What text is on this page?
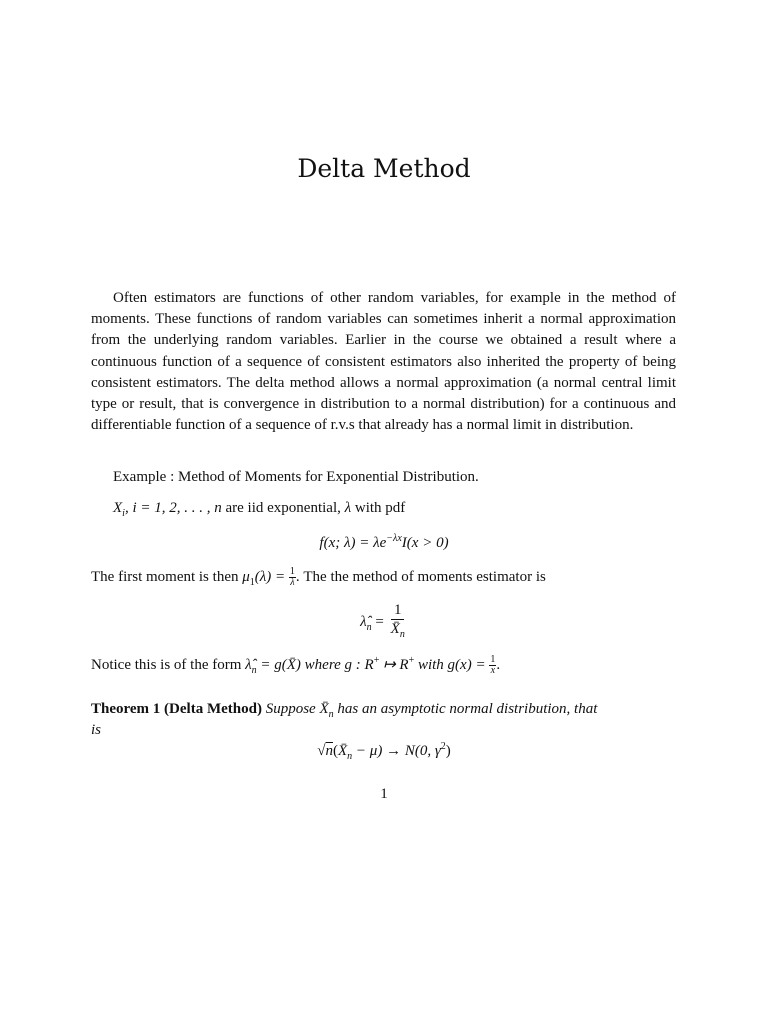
Delta Method
Often estimators are functions of other random variables, for example in the method of moments. These functions of random variables can sometimes inherit a normal approximation from the underlying random variables. Earlier in the course we obtained a result where a continuous function of a sequence of consistent estimators also inherited the property of being consistent estimators. The delta method allows a normal approximation (a normal central limit type or result, that is convergence in distribution to a normal distribution) for a continuous and differentiable function of a sequence of r.v.s that already has a normal limit in distribution.
Example : Method of Moments for Exponential Distribution.
$X_i$, i = 1, 2, . . . , n are iid exponential, λ with pdf
f(x; $\lambda) = \lambda e^{-\lambda x}I(x > 0)$
The first moment is then $\mu_1(\lambda) = \frac{1}{\lambda}$ . The the method of moments estimator is
$\lambdâ_n = \frac{1}{X̄_n}$
Notice this is of the form $\lambdâ_n$ = g(X̄) where g : R+ ↦ R+ with $g(x) = \frac{1}{x}$ .
Theorem 1 (Delta Method) Suppose $X̄_n$ has an asymptotic normal distribution, that
is
$√n(X̄_n - \mu) \to N(0$, $\gamma^2$)
1
